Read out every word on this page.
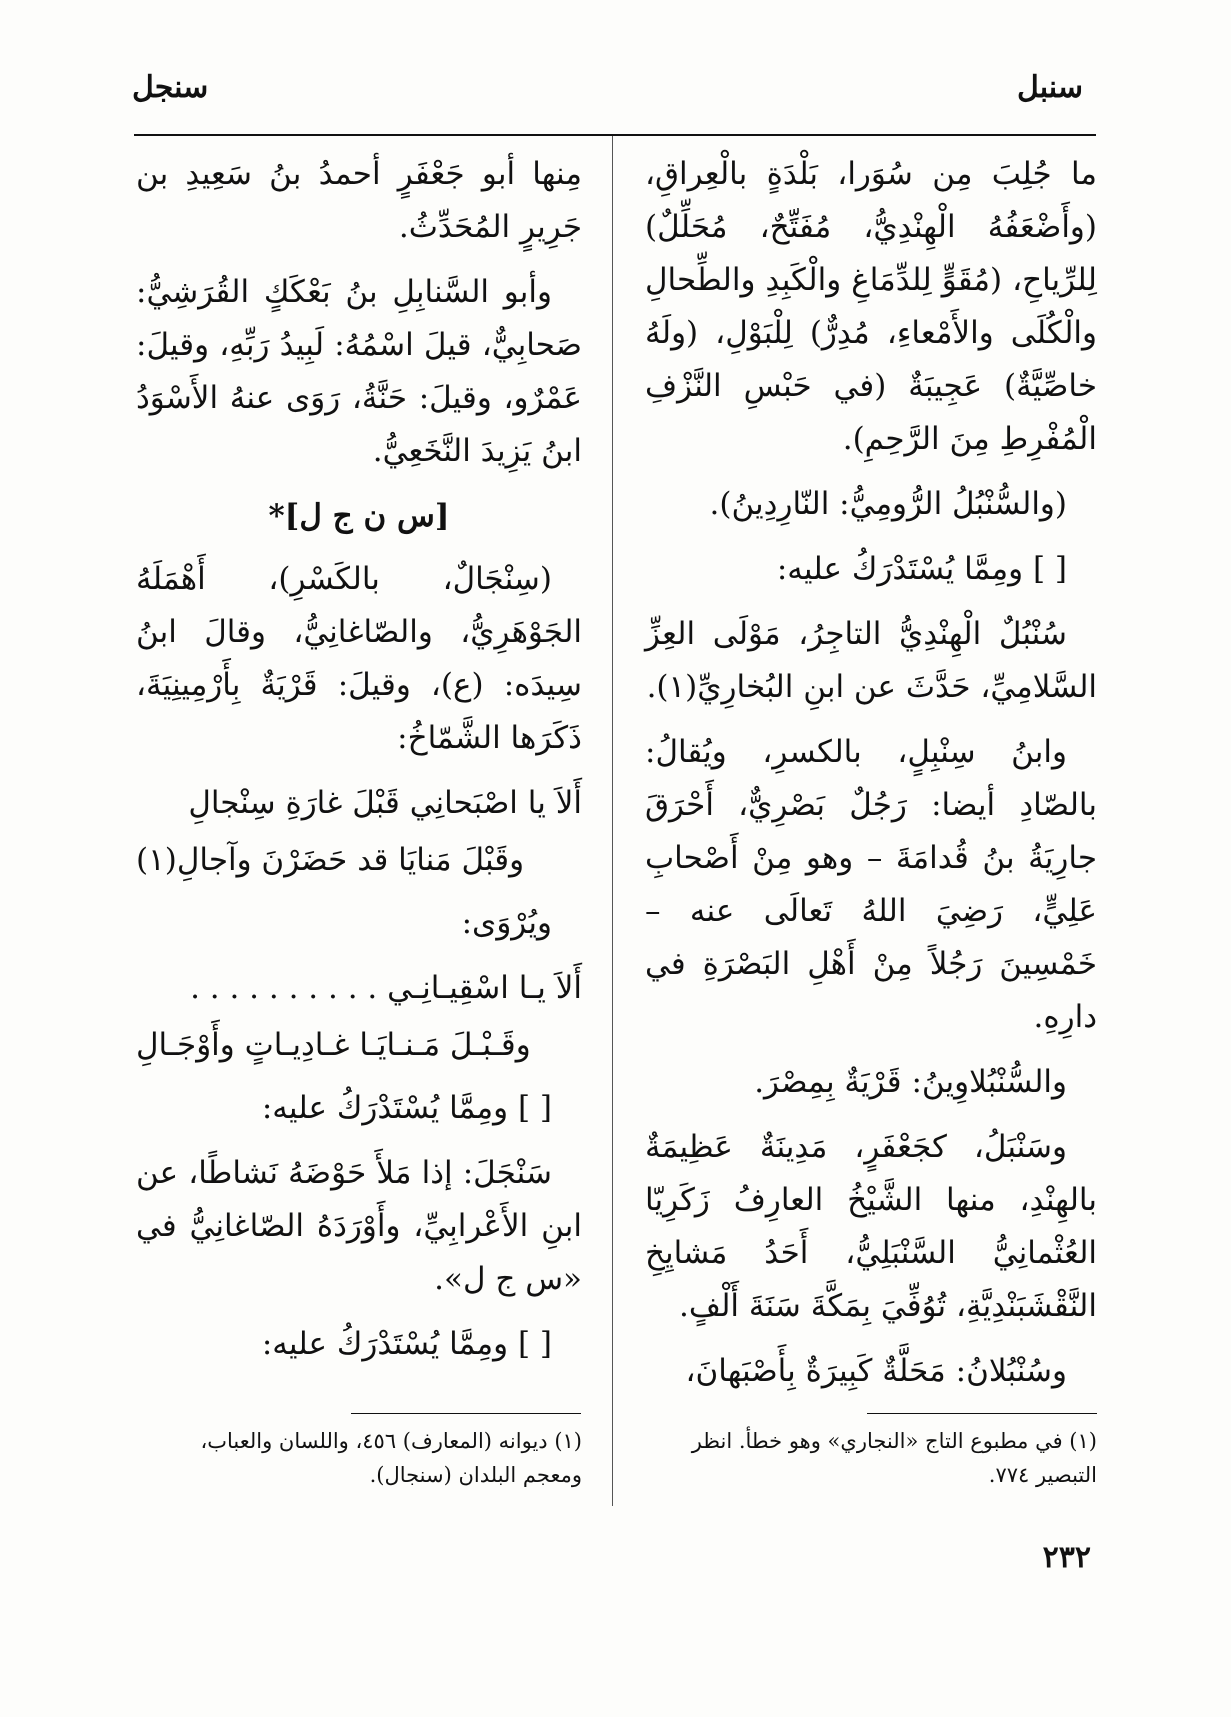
سنبل
سنجل

ما جُلِبَ مِن سُوَرا، بَلْدَةٍ بالْعِراقِ، (وأَضْعَفُهُ الْهِنْدِيُّ، مُفَتِّحٌ، مُحَلِّلٌ) لِلرِّياحِ، (مُقَوٍّ لِلدِّمَاغِ والْكَبِدِ والطِّحالِ والْكُلَى والأَمْعاءِ، مُدِرٌّ) لِلْبَوْلِ، (ولَهُ خاصِّيَّةٌ) عَجِيبَةٌ (في حَبْسِ النَّزْفِ الْمُفْرِطِ مِنَ الرَّحِمِ).

(والسُّنْبُلُ الرُّومِيُّ: النّارِدِينُ).

[ ] ومِمَّا يُسْتَدْرَكُ عليه:

سُنْبُلٌ الْهِنْدِيُّ التاجِرُ، مَوْلَى العِزِّ السَّلامِيِّ، حَدَّثَ عن ابنِ البُخارِيِّ(١).

وابنُ سِنْبِلٍ، بالكسرِ، ويُقالُ: بالصّادِ أيضا: رَجُلٌ بَصْرِيٌّ، أَحْرَقَ جارِيَةُ بنُ قُدامَةَ – وهو مِنْ أَصْحابِ عَلِيٍّ، رَضِيَ اللهُ تَعالَى عنه – خَمْسِينَ رَجُلاً مِنْ أَهْلِ البَصْرَةِ في دارِهِ.

والسُّنْبُلاوِينُ: قَرْيَةٌ بِمِصْرَ.

وسَنْبَلُ، كجَعْفَرٍ، مَدِينَةٌ عَظِيمَةٌ بالهِنْدِ، منها الشَّيْخُ العارِفُ زَكَرِيّا العُثْمانِيُّ السَّنْبَلِيُّ، أَحَدُ مَشايِخِ النَّقْشَبَنْدِيَّةِ، تُوُفِّيَ بِمَكَّةَ سَنَةَ أَلْفٍ.

وسُنْبُلانُ: مَحَلَّةٌ كَبِيرَةٌ بِأَصْبَهانَ،

مِنها أبو جَعْفَرٍ أحمدُ بنُ سَعِيدِ بن جَرِيرٍ المُحَدِّثُ.

وأبو السَّنابِلِ بنُ بَعْكَكٍ القُرَشِيُّ: صَحابِيٌّ، قيلَ اسْمُهُ: لَبِيدُ رَبِّهِ، وقيلَ: عَمْرٌو، وقيلَ: حَنَّةُ، رَوَى عنهُ الأَسْوَدُ ابنُ يَزِيدَ النَّخَعِيُّ.

[س ن ج ل]*

(سِنْجَالٌ، بالكَسْرِ)، أَهْمَلَهُ الجَوْهَرِيُّ، والصّاغانِيُّ، وقالَ ابنُ سِيدَه: (ع)، وقيلَ: قَرْيَةٌ بِأَرْمِينِيَةَ، ذَكَرَها الشَّمّاخُ:

أَلاَ يا اصْبَحانِي قَبْلَ غارَةِ سِنْجالِ

وقَبْلَ مَنايَا قد حَضَرْنَ وآجالِ(١)

ويُرْوَى:

أَلاَ يـا اسْقِيـانِـي . . . . . . . . . .

وقَـبْـلَ مَـنـايَـا غـادِيـاتٍ وأَوْجَـالِ

[ ] ومِمَّا يُسْتَدْرَكُ عليه:

سَنْجَلَ: إذا مَلأَ حَوْضَهُ نَشاطًا، عن ابنِ الأَعْرابِيِّ، وأَوْرَدَهُ الصّاغانِيُّ في «س ج ل».

[ ] ومِمَّا يُسْتَدْرَكُ عليه:

(١) في مطبوع التاج «النجاري» وهو خطأ. انظر التبصير ٧٧٤.
(١) ديوانه (المعارف) ٤٥٦، واللسان والعباب، ومعجم البلدان (سنجال).
٢٣٢
